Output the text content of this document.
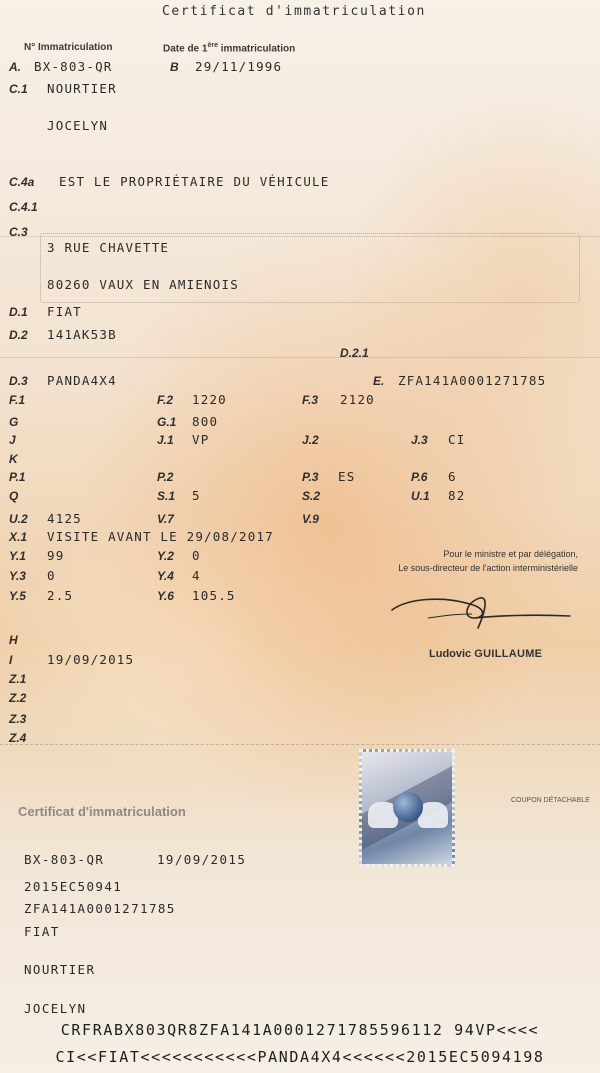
Certificat d'immatriculation
N° Immatriculation	Date de 1ère immatriculation
A. BX-803-QR	B 29/11/1996
C.1 NOURTIER
JOCELYN
C.4a EST LE PROPRIÉTAIRE DU VÉHICULE
C.4.1
C.3
3 RUE CHAVETTE
80260 VAUX EN AMIENOIS
D.1 FIAT
D.2 141AK53B
D.2.1
D.3 PANDA4X4	E. ZFA141A0001271785
F.1	F.2 1220	F.3 2120
G	G.1 800
J	J.1 VP	J.2	J.3 CI
K
P.1	P.2	P.3 ES	P.6 6
Q	S.1 5	S.2	U.1 82
U.2 4125	V.7	V.9
X.1 VISITE AVANT LE 29/08/2017
Y.1 99	Y.2 0
Y.3 0	Y.4 4
Y.5 2.5	Y.6 105.5
H
I	19/09/2015
Z.1
Z.2
Z.3
Z.4
Pour le ministre et par délégation,
Le sous-directeur de l'action interministérielle
Ludovic GUILLAUME
Certificat d'immatriculation
COUPON DÉTACHABLE
BX-803-QR	19/09/2015
2015EC50941
ZFA141A0001271785
FIAT
NOURTIER
JOCELYN
CRFRABX803QR8ZFA141A0001271785596112 94VP<<<<
CI<<FIAT<<<<<<<<<<<PANDA4X4<<<<<<2015EC5094198
